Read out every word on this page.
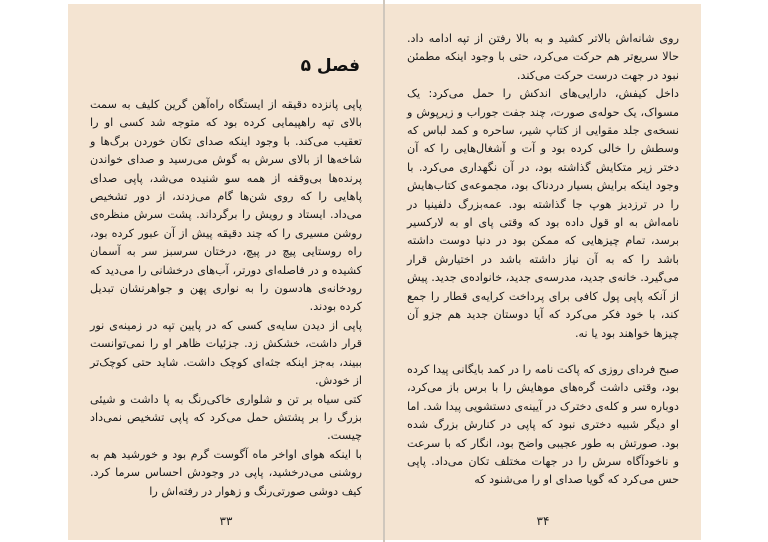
فصل ۵

پاپی پانزده دقیقه از ایستگاه راه‌آهن گرین کلیف به سمت بالای تپه راهپیمایی کرده بود که متوجه شد کسی او را تعقیب می‌کند. با وجود اینکه صدای تکان خوردن برگ‌ها و شاخه‌ها از بالای سرش به گوش می‌رسید و صدای خواندن پرنده‌ها بی‌وقفه از همه سو شنیده می‌شد، پاپی صدای پاهایی را که روی شن‌ها گام می‌زدند، از دور تشخیص می‌داد. ایستاد و رویش را برگرداند. پشت سرش منظره‌ی روشن مسیری را که چند دقیقه پیش از آن عبور کرده بود، راه روستایی پیچ در پیچ، درختان سرسبز سر به آسمان کشیده و در فاصله‌ای دورتر، آب‌های درخشانی را می‌دید که رودخانه‌ی هادسون را به نواری پهن و جواهرنشان تبدیل کرده بودند.

پاپی از دیدن سایه‌ی کسی که در پایین تپه در زمینه‌ی نور قرار داشت، خشکش زد. جزئیات ظاهر او را نمی‌توانست ببیند، به‌جز اینکه جثه‌ای کوچک داشت. شاید حتی کوچک‌تر از خودش.

کتی سیاه بر تن و شلواری خاکی‌رنگ به پا داشت و شیئی بزرگ را بر پشتش حمل می‌کرد که پاپی تشخیص نمی‌داد چیست.

با اینکه هوای اواخر ماه آگوست گرم بود و خورشید هم به روشنی می‌درخشید، پاپی در وجودش احساس سرما کرد. کیف دوشی صورتی‌رنگ و زهوار در رفته‌اش را

۳۳

روی شانه‌اش بالاتر کشید و به بالا رفتن از تپه ادامه داد. حالا سریع‌تر هم حرکت می‌کرد، حتی با وجود اینکه مطمئن نبود در جهت درست حرکت می‌کند.

داخل کیفش، دارایی‌های اندکش را حمل می‌کرد: یک مسواک، یک حوله‌ی صورت، چند جفت جوراب و زیرپوش و نسخه‌ی جلد مقوایی از کتاپ شیر، ساحره و کمد لباس که وسطش را خالی کرده بود و آت و آشغال‌هایی را که آن دختر زیر متکایش گذاشته بود، در آن نگهداری می‌کرد. با وجود اینکه برایش بسیار دردناک بود، مجموعه‌ی کتاب‌هایش را در ترزدیز هوپ جا گذاشته بود. عمه‌بزرگ دلفینیا در نامه‌اش به او قول داده بود که وقتی پای او به لارکسیر برسد، تمام چیزهایی که ممکن بود در دنیا دوست داشته باشد را که به آن نیاز داشته باشد در اختیارش قرار می‌گیرد. خانه‌ی جدید، مدرسه‌ی جدید، خانواده‌ی جدید. پیش از آنکه پاپی پول کافی برای پرداخت کرایه‌ی قطار را جمع کند، با خود فکر می‌کرد که آیا دوستان جدید هم جزو آن چیزها خواهند بود یا نه.

صبح فردای روزی که پاکت نامه را در کمد بایگانی پیدا کرده بود، وقتی داشت گره‌های موهایش را با برس باز می‌کرد، دوباره سر و کله‌ی دخترک در آیینه‌ی دستشویی پیدا شد. اما او دیگر شبیه دختری نبود که پاپی در کنارش بزرگ شده بود. صورتش به طور عجیبی واضح بود، انگار که با سرعت و ناخودآگاه سرش را در جهات مختلف تکان می‌داد. پاپی حس می‌کرد که گویا صدای او را می‌شنود که

۳۴
